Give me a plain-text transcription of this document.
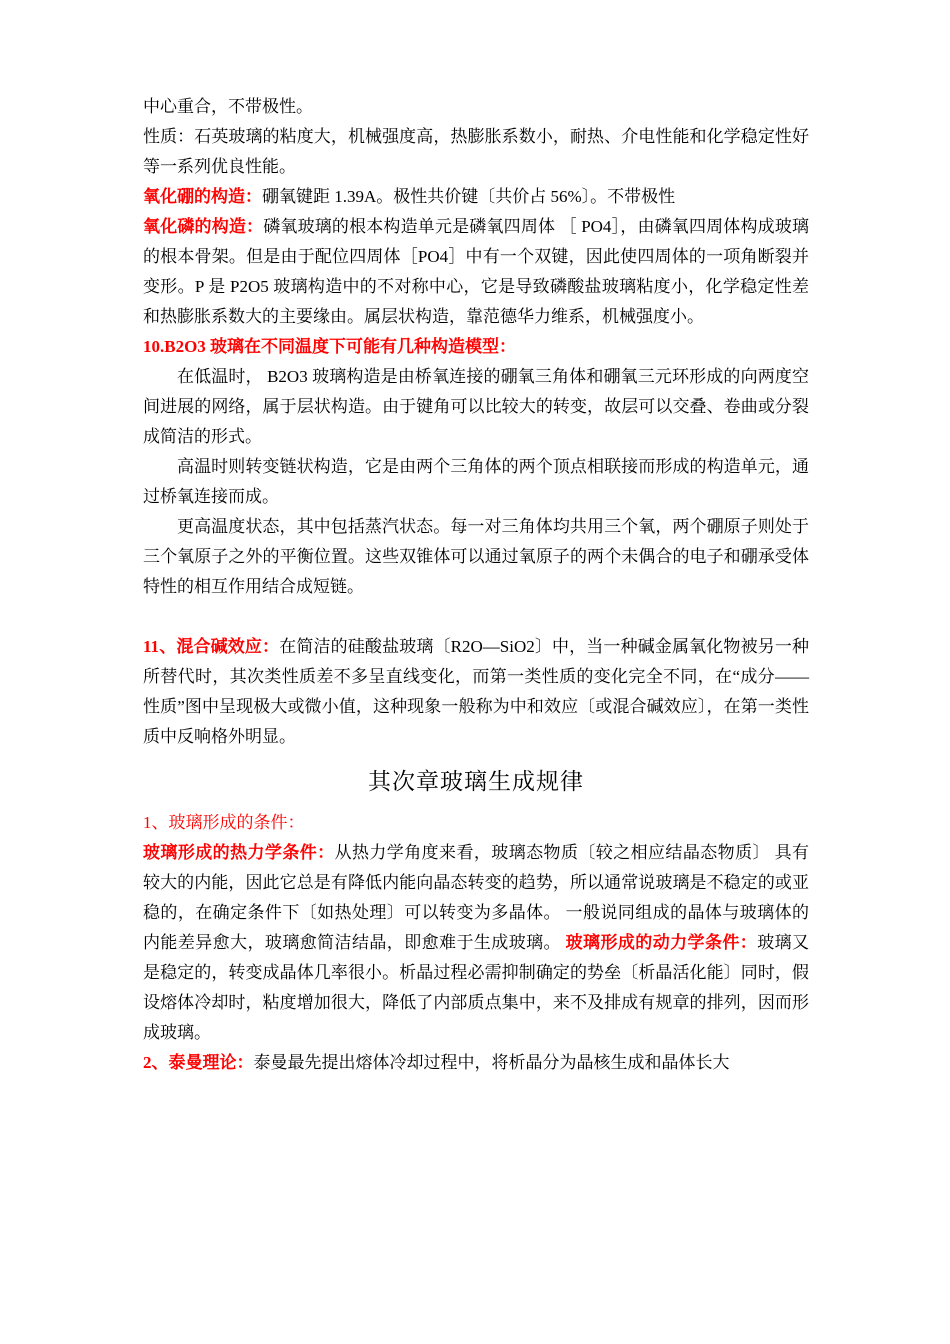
中心重合，不带极性。

性质：石英玻璃的粘度大，机械强度高，热膨胀系数小，耐热、介电性能和化学稳定性好等一系列优良性能。

氧化硼的构造：硼氧键距 1.39A。极性共价键〔共价占 56%〕。不带极性

氧化磷的构造：磷氧玻璃的根本构造单元是磷氧四周体 ［ PO4］，由磷氧四周体构成玻璃的根本骨架。但是由于配位四周体［PO4］中有一个双键，因此使四周体的一项角断裂并变形。P 是 P2O5 玻璃构造中的不对称中心，它是导致磷酸盐玻璃粘度小，化学稳定性差和热膨胀系数大的主要缘由。属层状构造，靠范德华力维系，机械强度小。

10.B2O3 玻璃在不同温度下可能有几种构造模型：

在低温时， B2O3 玻璃构造是由桥氧连接的硼氧三角体和硼氧三元环形成的向两度空间进展的网络，属于层状构造。由于键角可以比较大的转变，故层可以交叠、卷曲或分裂成简洁的形式。

高温时则转变链状构造，它是由两个三角体的两个顶点相联接而形成的构造单元，通过桥氧连接而成。

更高温度状态，其中包括蒸汽状态。每一对三角体均共用三个氧，两个硼原子则处于三个氧原子之外的平衡位置。这些双锥体可以通过氧原子的两个未偶合的电子和硼承受体特性的相互作用结合成短链。

11、混合碱效应：在简洁的硅酸盐玻璃〔R2O—SiO2〕中，当一种碱金属氧化物被另一种所替代时，其次类性质差不多呈直线变化，而第一类性质的变化完全不同，在“成分——性质”图中呈现极大或微小值，这种现象一般称为中和效应〔或混合碱效应〕，在第一类性质中反响格外明显。

其次章玻璃生成规律

1、玻璃形成的条件：

玻璃形成的热力学条件：从热力学角度来看，玻璃态物质〔较之相应结晶态物质〕 具有较大的内能，因此它总是有降低内能向晶态转变的趋势，所以通常说玻璃是不稳定的或亚稳的，在确定条件下〔如热处理〕可以转变为多晶体。 一般说同组成的晶体与玻璃体的内能差异愈大，玻璃愈简洁结晶，即愈难于生成玻璃。 玻璃形成的动力学条件：玻璃又是稳定的，转变成晶体几率很小。析晶过程必需抑制确定的势垒〔析晶活化能〕同时，假设熔体冷却时，粘度增加很大，降低了内部质点集中，来不及排成有规章的排列，因而形成玻璃。

2、泰曼理论：泰曼最先提出熔体冷却过程中，将析晶分为晶核生成和晶体长大
